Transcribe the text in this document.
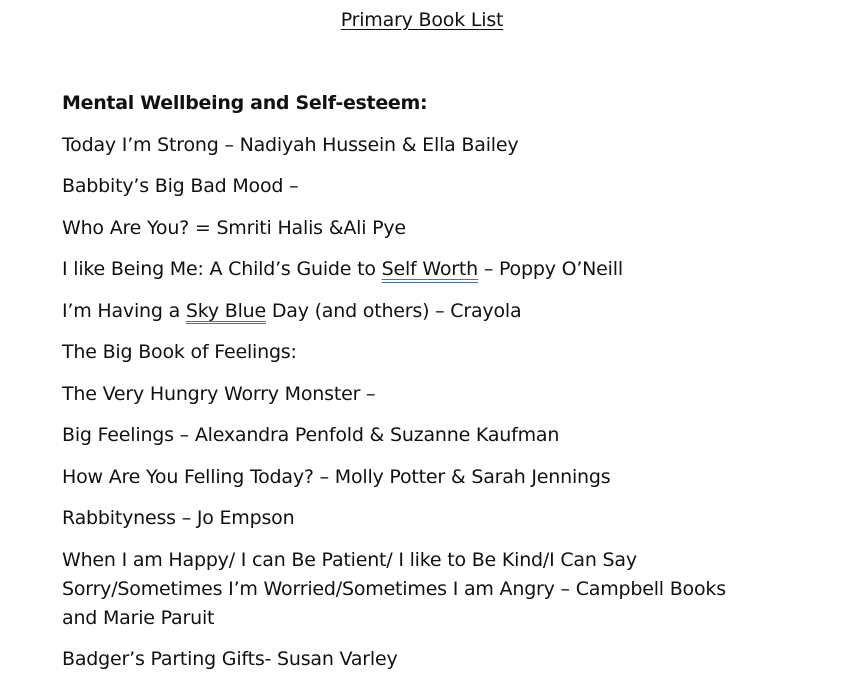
Primary Book List
Mental Wellbeing and Self-esteem:
Today I’m Strong – Nadiyah Hussein & Ella Bailey
Babbity’s Big Bad Mood –
Who Are You? = Smriti Halis &Ali Pye
I like Being Me: A Child’s Guide to Self Worth – Poppy O’Neill
I’m Having a Sky Blue Day (and others) – Crayola
The Big Book of Feelings:
The Very Hungry Worry Monster –
Big Feelings – Alexandra Penfold & Suzanne Kaufman
How Are You Felling Today? – Molly Potter & Sarah Jennings
Rabbityness – Jo Empson
When I am Happy/ I can Be Patient/ I like to Be Kind/I Can Say Sorry/Sometimes I’m Worried/Sometimes I am Angry – Campbell Books and Marie Paruit
Badger’s Parting Gifts- Susan Varley
